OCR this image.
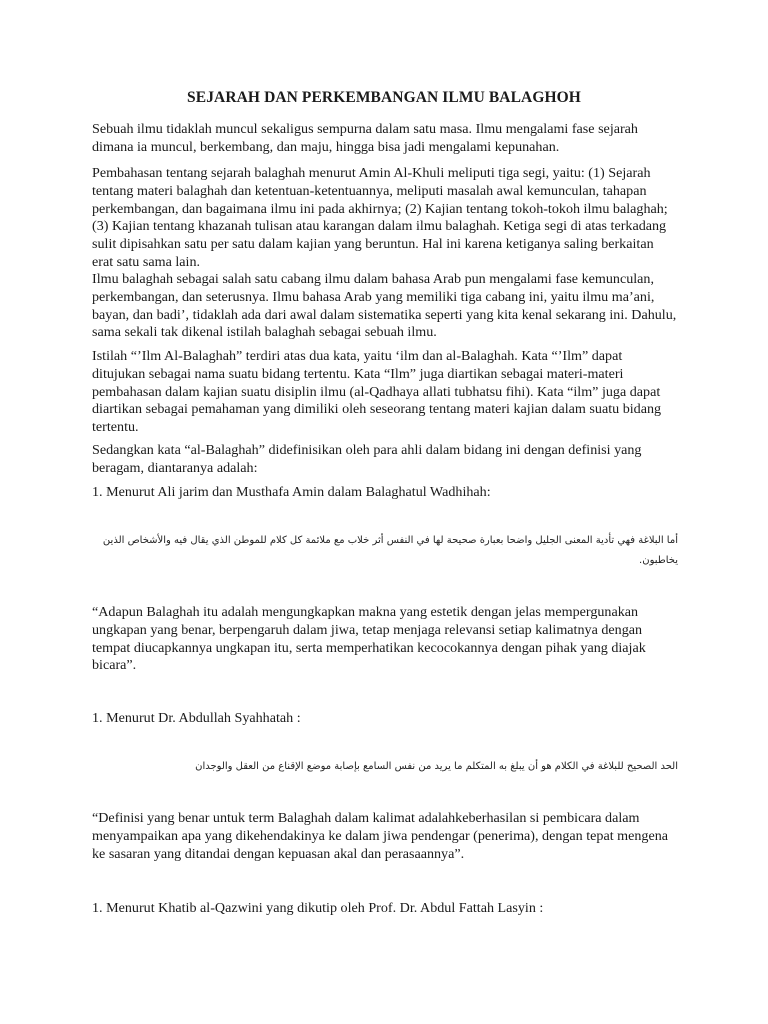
SEJARAH DAN PERKEMBANGAN ILMU BALAGHOH

Sebuah ilmu tidaklah muncul sekaligus sempurna dalam satu masa. Ilmu mengalami fase sejarah dimana ia muncul, berkembang, dan maju, hingga bisa jadi mengalami kepunahan.

Pembahasan tentang sejarah balaghah menurut Amin Al-Khuli meliputi tiga segi, yaitu: (1) Sejarah tentang materi balaghah dan ketentuan-ketentuannya, meliputi masalah awal kemunculan, tahapan perkembangan, dan bagaimana ilmu ini pada akhirnya; (2) Kajian tentang tokoh-tokoh ilmu balaghah; (3) Kajian tentang khazanah tulisan atau karangan dalam ilmu balaghah. Ketiga segi di atas terkadang sulit dipisahkan satu per satu dalam kajian yang beruntun. Hal ini karena ketiganya saling berkaitan erat satu sama lain.

Ilmu balaghah sebagai salah satu cabang ilmu dalam bahasa Arab pun mengalami fase kemunculan, perkembangan, dan seterusnya. Ilmu bahasa Arab yang memiliki tiga cabang ini, yaitu ilmu ma’ani, bayan, dan badi’, tidaklah ada dari awal dalam sistematika seperti yang kita kenal sekarang ini. Dahulu, sama sekali tak dikenal istilah balaghah sebagai sebuah ilmu.

Istilah “’Ilm Al-Balaghah” terdiri atas dua kata, yaitu ‘ilm dan al-Balaghah. Kata “’Ilm” dapat ditujukan sebagai nama suatu bidang tertentu. Kata “Ilm” juga diartikan sebagai materi-materi pembahasan dalam kajian suatu disiplin ilmu (al-Qadhaya allati tubhatsu fihi). Kata “ilm” juga dapat diartikan sebagai pemahaman yang dimiliki oleh seseorang tentang materi kajian dalam suatu bidang tertentu.

Sedangkan kata “al-Balaghah” didefinisikan oleh para ahli dalam bidang ini dengan definisi yang beragam, diantaranya adalah:

1. Menurut Ali jarim dan Musthafa Amin dalam Balaghatul Wadhihah:

أما البلاغة فهي تأدية المعنى الجليل واضحا بعبارة صحيحة لها في النفس أثر خلاب مع ملائمة كل كلام للموطن الذي يقال فيه والأشخاص الذين يخاطبون.

“Adapun Balaghah itu adalah mengungkapkan makna yang estetik dengan jelas mempergunakan ungkapan yang benar, berpengaruh dalam jiwa, tetap menjaga relevansi setiap kalimatnya dengan tempat diucapkannya ungkapan itu, serta memperhatikan kecocokannya dengan pihak yang diajak bicara”.

1. Menurut Dr. Abdullah Syahhatah :

الحد الصحيح للبلاغة في الكلام هو أن يبلغ به المتكلم ما يريد من نفس السامع بإصابة موضع الإقناع من العقل والوجدان

“Definisi yang benar untuk term Balaghah dalam kalimat adalahkeberhasilan si pembicara dalam menyampaikan apa yang dikehendakinya ke dalam jiwa pendengar (penerima), dengan tepat mengena ke sasaran yang ditandai dengan kepuasan akal dan perasaannya”.

1. Menurut Khatib al-Qazwini yang dikutip oleh Prof. Dr. Abdul Fattah Lasyin :
